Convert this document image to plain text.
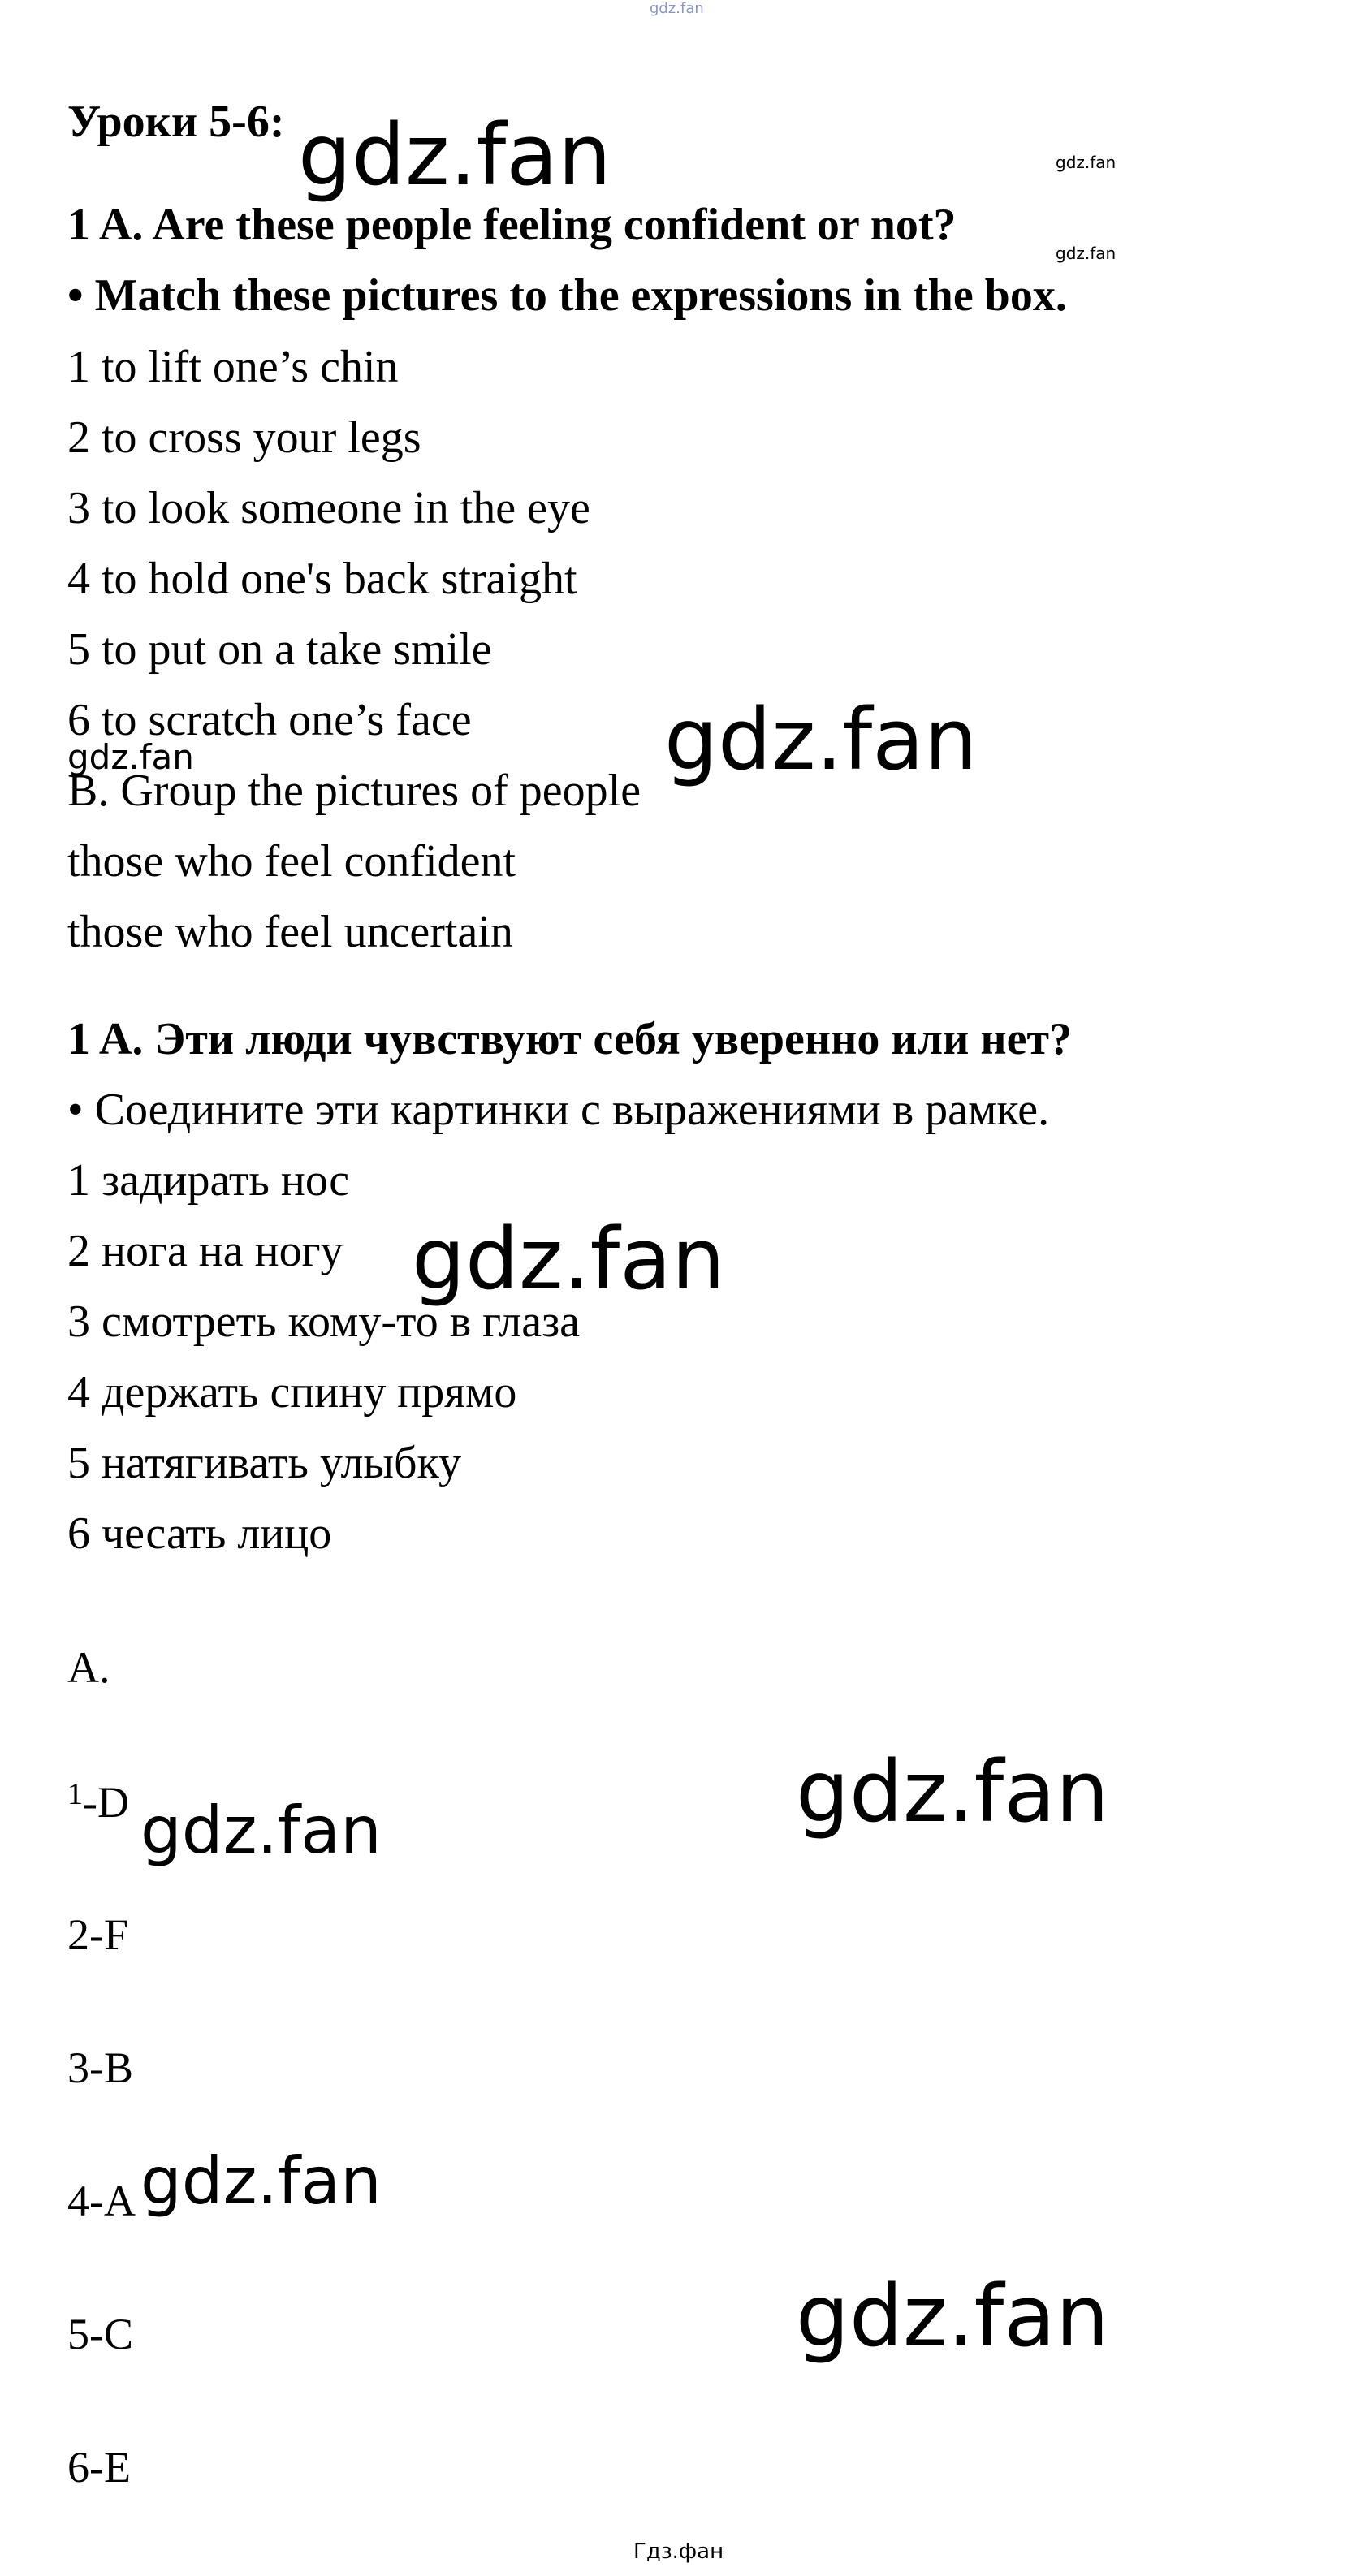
gdz.fan
Уроки 5-6:
1 A. Are these people feeling confident or not?
• Match these pictures to the expressions in the box.
1 to lift one’s chin
2 to cross your legs
3 to look someone in the eye
4 to hold one's back straight
5 to put on a take smile
6 to scratch one’s face
B. Group the pictures of people
those who feel confident
those who feel uncertain
1 A. Эти люди чувствуют себя уверенно или нет?
• Соедините эти картинки с выражениями в рамке.
1 задирать нос
2 нога на ногу
3 смотреть кому-то в глаза
4 держать спину прямо
5 натягивать улыбку
6 чесать лицо
A.
$^1$-D
2-F
3-B
4-A
5-C
6-E
gdz.fan	gdz.fan
gdz.fan
gdz.fan
gdz.fan
gdz.fan
gdz.fan
gdz.fan
gdz.fan
gdz.fan
Гдз.фан
